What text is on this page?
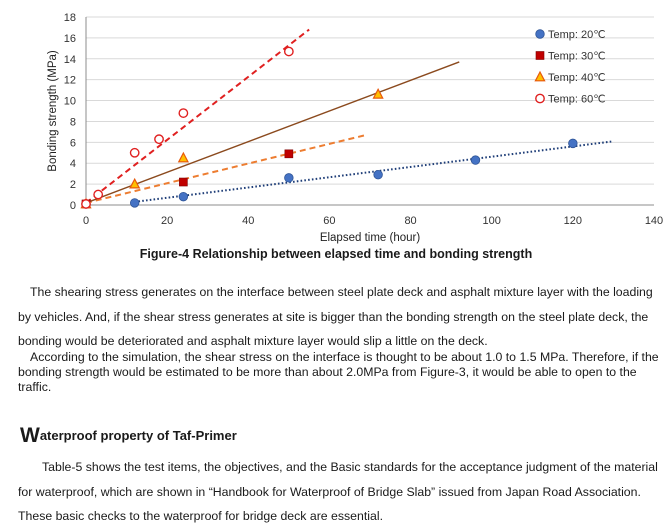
0
2
4
6
8
10
12
14
16
18
0	20	40	60	80	100	120	140
Elapsed time (hour)
Bonding strength (MPa)
Temp: 20℃
Temp: 30℃
Temp: 40℃
Temp: 60℃
Figure-4 Relationship between elapsed time and bonding strength

The shearing stress generates on the interface between steel plate deck and asphalt mixture layer with the loading by vehicles. And, if the shear stress generates at site is bigger than the bonding strength on the steel plate deck, the bonding would be deteriorated and asphalt mixture layer would slip a little on the deck.

According to the simulation, the shear stress on the interface is thought to be about 1.0 to 1.5 MPa. Therefore, if the bonding strength would be estimated to be more than about 2.0MPa from Figure-3, it would be able to open to the traffic.

Waterproof property of Taf-Primer

Table-5 shows the test items, the objectives, and the Basic standards for the acceptance judgment of the material for waterproof, which are shown in “Handbook for Waterproof of Bridge Slab” issued from Japan Road Association. These basic checks to the waterproof for bridge deck are essential.
